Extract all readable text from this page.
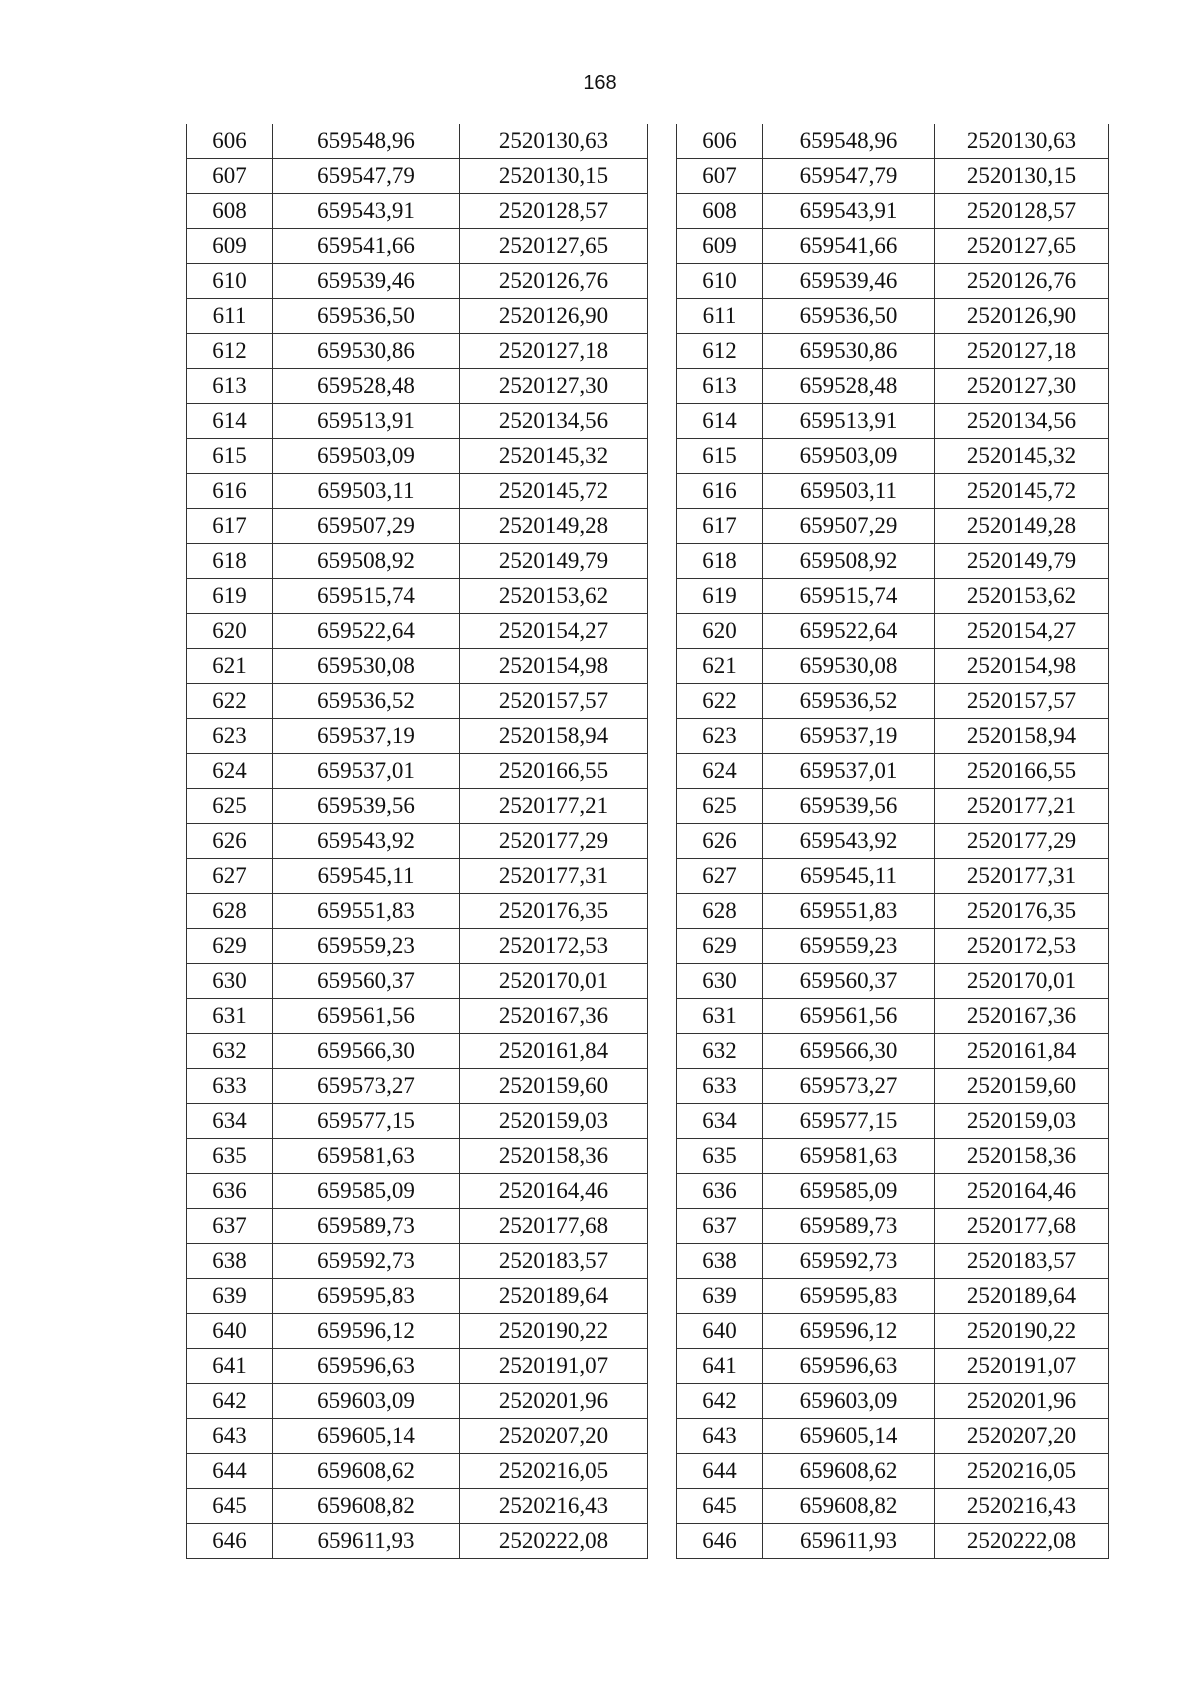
168
606	659548,96	2520130,63
607	659547,79	2520130,15
608	659543,91	2520128,57
609	659541,66	2520127,65
610	659539,46	2520126,76
611	659536,50	2520126,90
612	659530,86	2520127,18
613	659528,48	2520127,30
614	659513,91	2520134,56
615	659503,09	2520145,32
616	659503,11	2520145,72
617	659507,29	2520149,28
618	659508,92	2520149,79
619	659515,74	2520153,62
620	659522,64	2520154,27
621	659530,08	2520154,98
622	659536,52	2520157,57
623	659537,19	2520158,94
624	659537,01	2520166,55
625	659539,56	2520177,21
626	659543,92	2520177,29
627	659545,11	2520177,31
628	659551,83	2520176,35
629	659559,23	2520172,53
630	659560,37	2520170,01
631	659561,56	2520167,36
632	659566,30	2520161,84
633	659573,27	2520159,60
634	659577,15	2520159,03
635	659581,63	2520158,36
636	659585,09	2520164,46
637	659589,73	2520177,68
638	659592,73	2520183,57
639	659595,83	2520189,64
640	659596,12	2520190,22
641	659596,63	2520191,07
642	659603,09	2520201,96
643	659605,14	2520207,20
644	659608,62	2520216,05
645	659608,82	2520216,43
646	659611,93	2520222,08
606	659548,96	2520130,63
607	659547,79	2520130,15
608	659543,91	2520128,57
609	659541,66	2520127,65
610	659539,46	2520126,76
611	659536,50	2520126,90
612	659530,86	2520127,18
613	659528,48	2520127,30
614	659513,91	2520134,56
615	659503,09	2520145,32
616	659503,11	2520145,72
617	659507,29	2520149,28
618	659508,92	2520149,79
619	659515,74	2520153,62
620	659522,64	2520154,27
621	659530,08	2520154,98
622	659536,52	2520157,57
623	659537,19	2520158,94
624	659537,01	2520166,55
625	659539,56	2520177,21
626	659543,92	2520177,29
627	659545,11	2520177,31
628	659551,83	2520176,35
629	659559,23	2520172,53
630	659560,37	2520170,01
631	659561,56	2520167,36
632	659566,30	2520161,84
633	659573,27	2520159,60
634	659577,15	2520159,03
635	659581,63	2520158,36
636	659585,09	2520164,46
637	659589,73	2520177,68
638	659592,73	2520183,57
639	659595,83	2520189,64
640	659596,12	2520190,22
641	659596,63	2520191,07
642	659603,09	2520201,96
643	659605,14	2520207,20
644	659608,62	2520216,05
645	659608,82	2520216,43
646	659611,93	2520222,08
